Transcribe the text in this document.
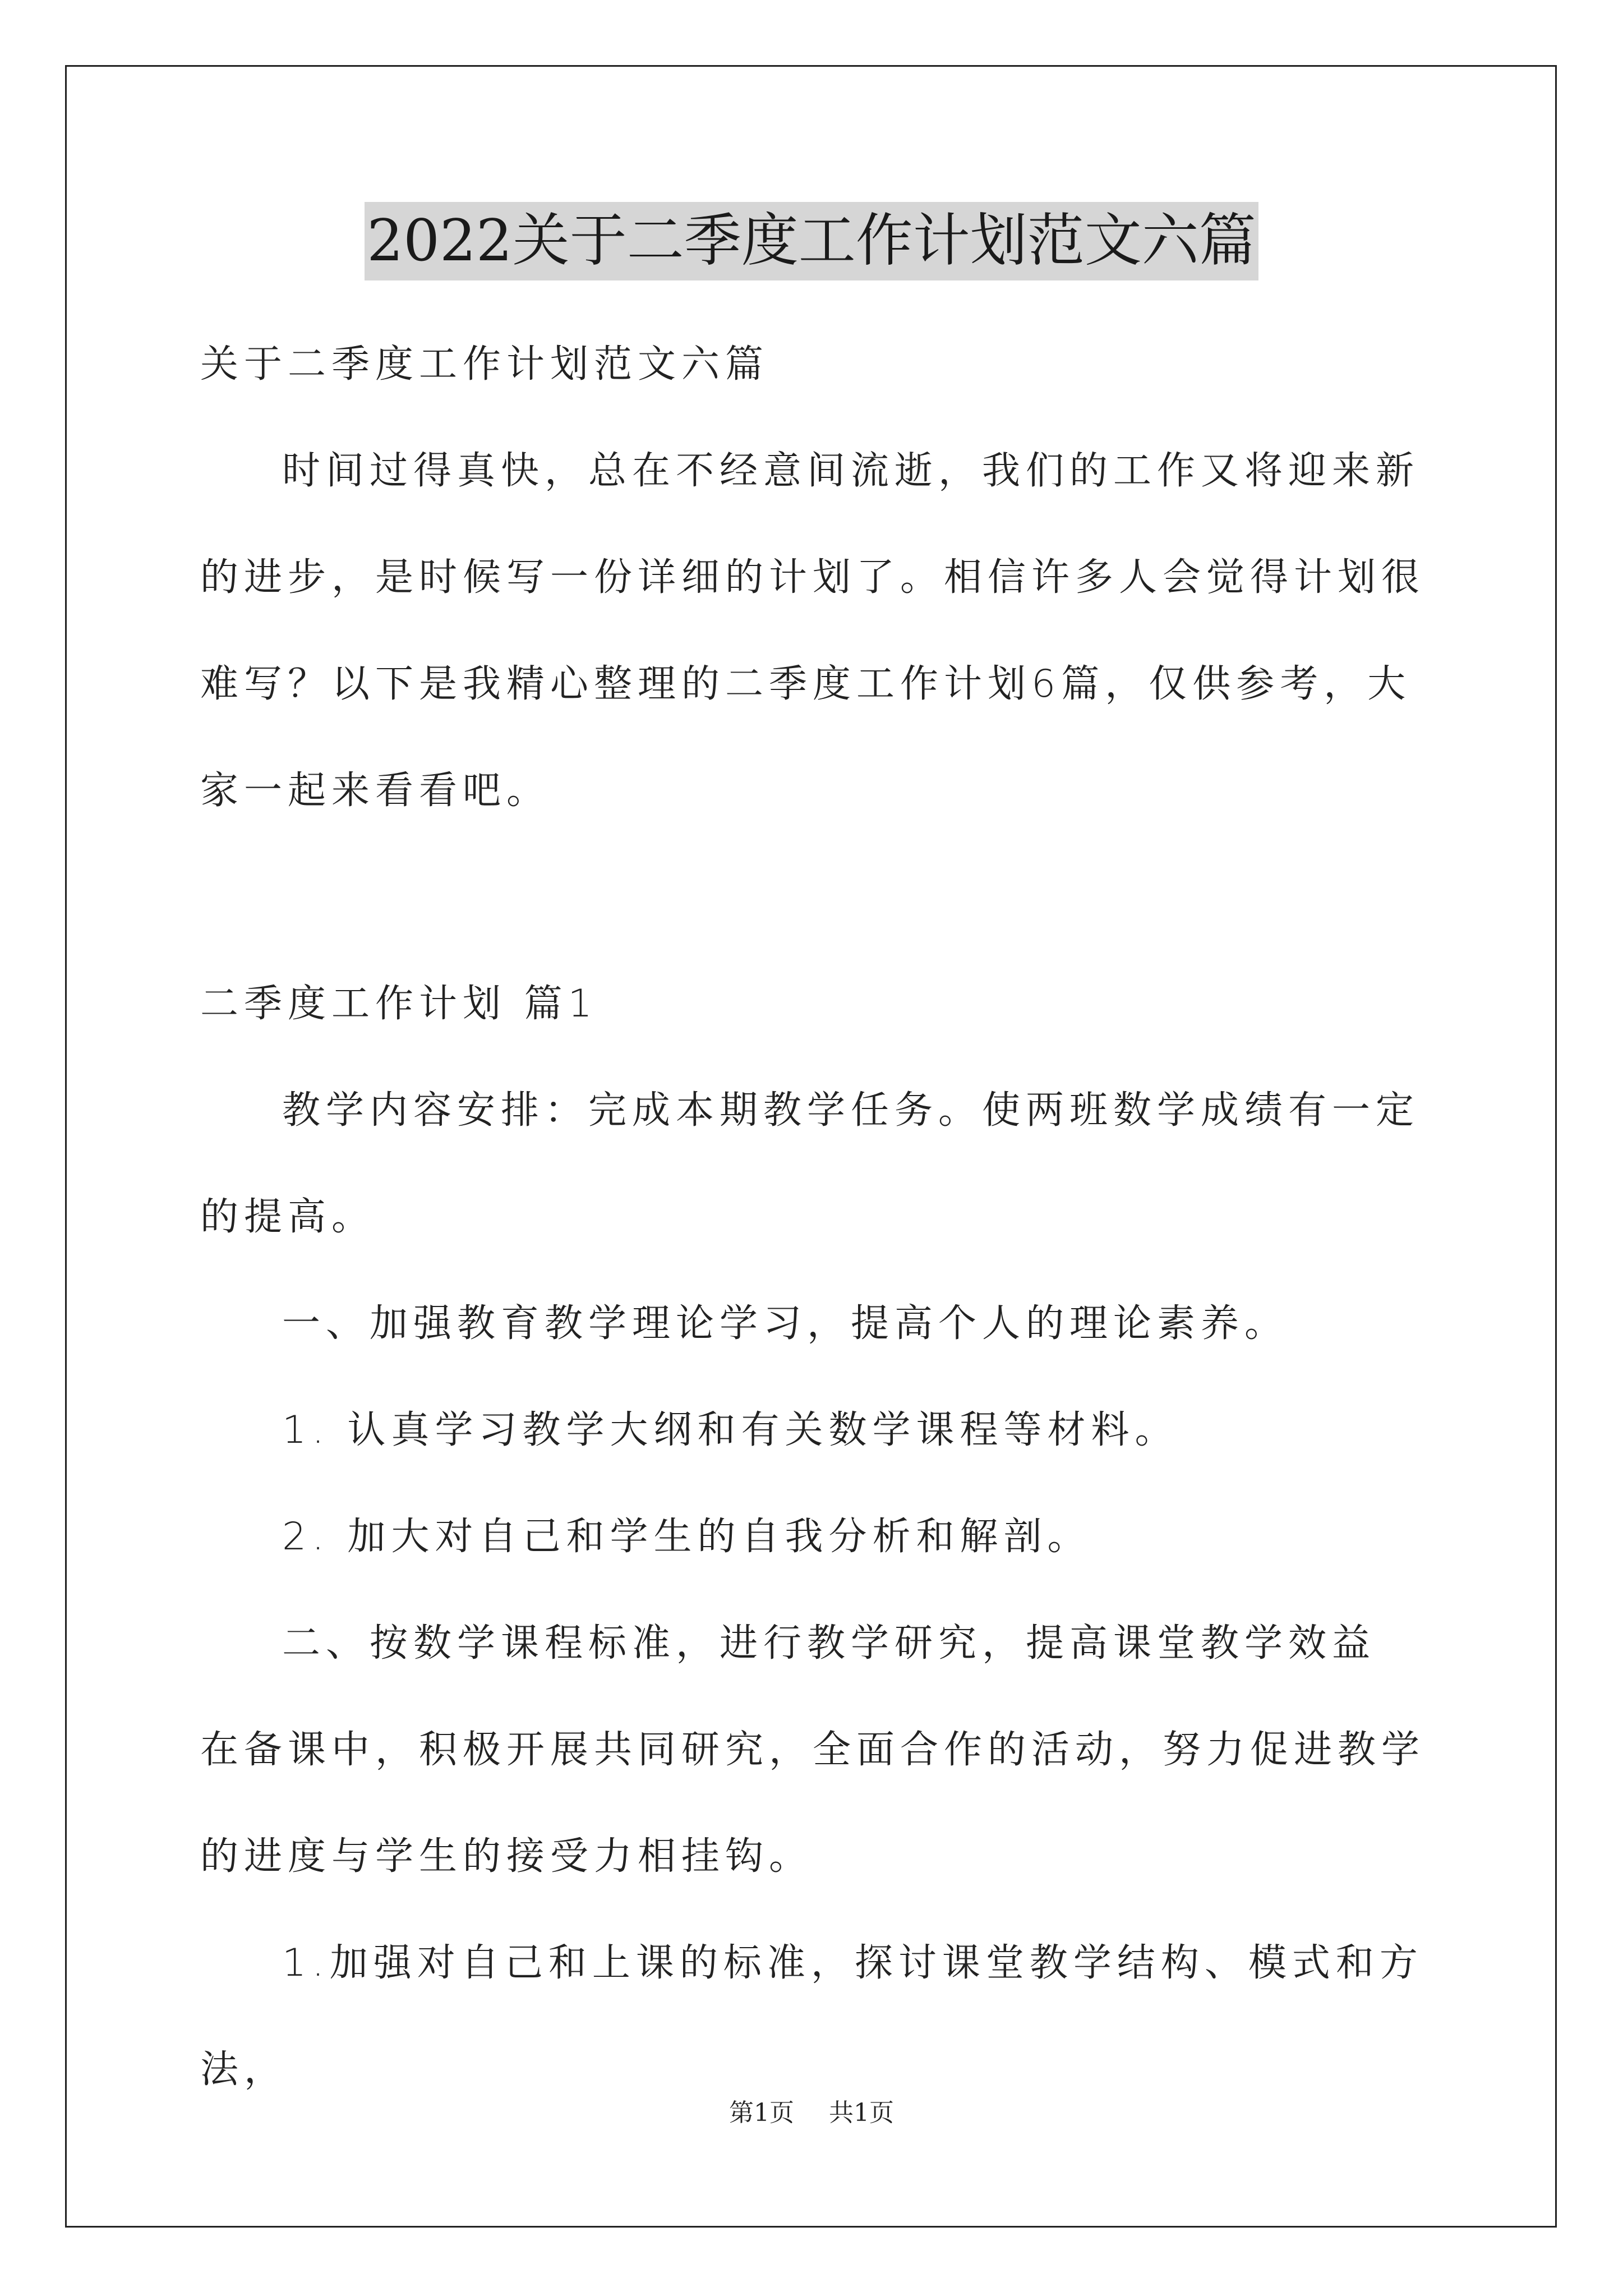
2022关于二季度工作计划范文六篇

关于二季度工作计划范文六篇

时间过得真快，总在不经意间流逝，我们的工作又将迎来新的进步，是时候写一份详细的计划了。相信许多人会觉得计划很难写？以下是我精心整理的二季度工作计划6篇，仅供参考，大家一起来看看吧。

二季度工作计划 篇1

教学内容安排：完成本期教学任务。使两班数学成绩有一定的提高。

一、加强教育教学理论学习，提高个人的理论素养。

1. 认真学习教学大纲和有关数学课程等材料。

2. 加大对自己和学生的自我分析和解剖。

二、按数学课程标准，进行教学研究，提高课堂教学效益 在备课中，积极开展共同研究，全面合作的活动，努力促进教学的进度与学生的接受力相挂钩。

1.加强对自己和上课的标准，探讨课堂教学结构、模式和方法，

第1页 共1页
